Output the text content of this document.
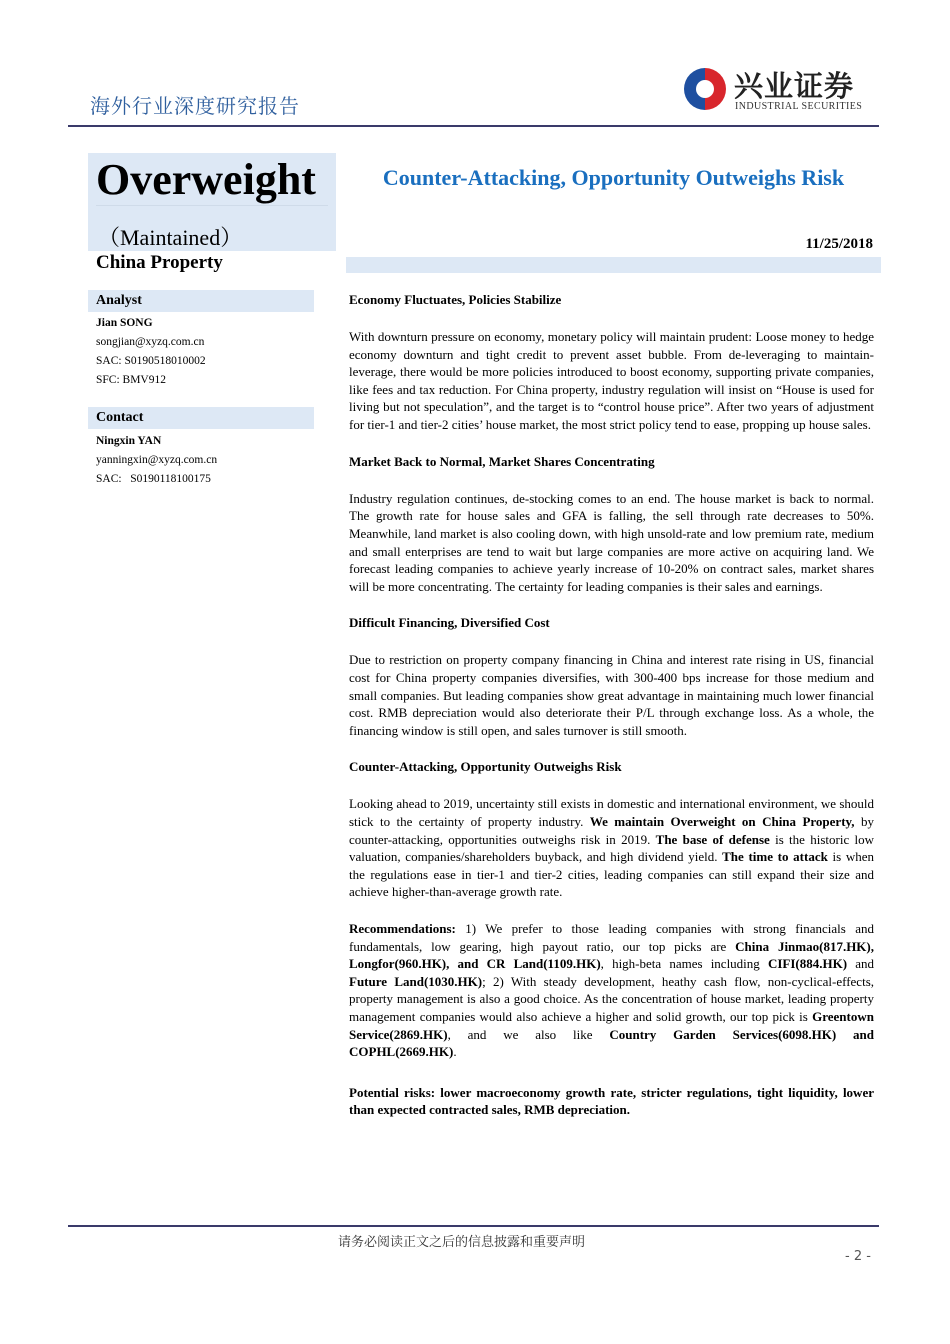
海外行业深度研究报告
兴业证券
INDUSTRIAL SECURITIES
Overweight
（Maintained）
China Property
Analyst
Jian SONG
songjian@xyzq.com.cn
SAC: S0190518010002
SFC: BMV912
Contact
Ningxin YAN
yanningxin@xyzq.com.cn
SAC:   S0190118100175
Counter-Attacking, Opportunity Outweighs Risk
11/25/2018
Economy Fluctuates, Policies Stabilize
With downturn pressure on economy, monetary policy will maintain prudent: Loose money to hedge economy downturn and tight credit to prevent asset bubble. From de-leveraging to maintain-leverage, there would be more policies introduced to boost economy, supporting private companies, like fees and tax reduction. For China property, industry regulation will insist on “House is used for living but not speculation”, and the target is to “control house price”. After two years of adjustment for tier-1 and tier-2 cities’ house market, the most strict policy tend to ease, propping up house sales.
Market Back to Normal, Market Shares Concentrating
Industry regulation continues, de-stocking comes to an end. The house market is back to normal. The growth rate for house sales and GFA is falling, the sell through rate decreases to 50%. Meanwhile, land market is also cooling down, with high unsold-rate and low premium rate, medium and small enterprises are tend to wait but large companies are more active on acquiring land. We forecast leading companies to achieve yearly increase of 10-20% on contract sales, market shares will be more concentrating. The certainty for leading companies is their sales and earnings.
Difficult Financing, Diversified Cost
Due to restriction on property company financing in China and interest rate rising in US, financial cost for China property companies diversifies, with 300-400 bps increase for those medium and small companies. But leading companies show great advantage in maintaining much lower financial cost. RMB depreciation would also deteriorate their P/L through exchange loss. As a whole, the financing window is still open, and sales turnover is still smooth.
Counter-Attacking, Opportunity Outweighs Risk
Looking ahead to 2019, uncertainty still exists in domestic and international environment, we should stick to the certainty of property industry. We maintain Overweight on China Property, by counter-attacking, opportunities outweighs risk in 2019. The base of defense is the historic low valuation, companies/shareholders buyback, and high dividend yield. The time to attack is when the regulations ease in tier-1 and tier-2 cities, leading companies can still expand their size and achieve higher-than-average growth rate.
Recommendations: 1) We prefer to those leading companies with strong financials and fundamentals, low gearing, high payout ratio, our top picks are China Jinmao(817.HK), Longfor(960.HK), and CR Land(1109.HK), high-beta names including CIFI(884.HK) and Future Land(1030.HK); 2) With steady development, heathy cash flow, non-cyclical-effects, property management is also a good choice. As the concentration of house market, leading property management companies would also achieve a higher and solid growth, our top pick is Greentown Service(2869.HK), and we also like Country Garden Services(6098.HK) and COPHL(2669.HK).
Potential risks: lower macroeconomy growth rate, stricter regulations, tight liquidity, lower than expected contracted sales, RMB depreciation.
请务必阅读正文之后的信息披露和重要声明
- 2 -
